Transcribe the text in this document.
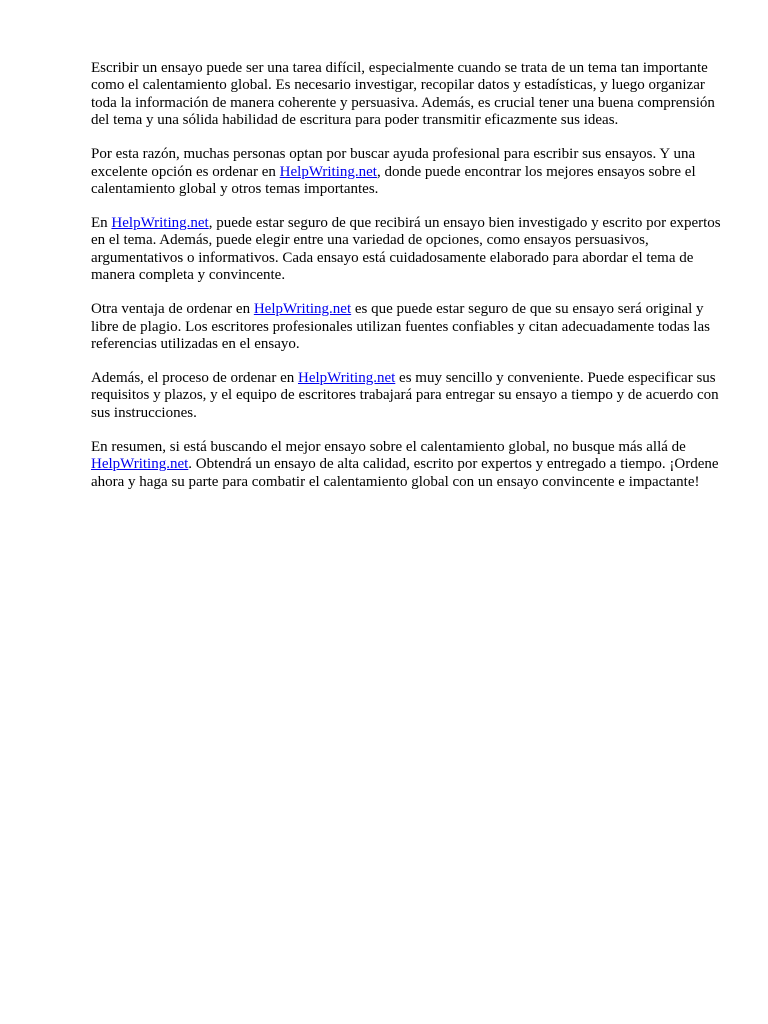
Escribir un ensayo puede ser una tarea difícil, especialmente cuando se trata de un tema tan importante como el calentamiento global. Es necesario investigar, recopilar datos y estadísticas, y luego organizar toda la información de manera coherente y persuasiva. Además, es crucial tener una buena comprensión del tema y una sólida habilidad de escritura para poder transmitir eficazmente sus ideas.

Por esta razón, muchas personas optan por buscar ayuda profesional para escribir sus ensayos. Y una excelente opción es ordenar en HelpWriting.net, donde puede encontrar los mejores ensayos sobre el calentamiento global y otros temas importantes.

En HelpWriting.net, puede estar seguro de que recibirá un ensayo bien investigado y escrito por expertos en el tema. Además, puede elegir entre una variedad de opciones, como ensayos persuasivos, argumentativos o informativos. Cada ensayo está cuidadosamente elaborado para abordar el tema de manera completa y convincente.

Otra ventaja de ordenar en HelpWriting.net es que puede estar seguro de que su ensayo será original y libre de plagio. Los escritores profesionales utilizan fuentes confiables y citan adecuadamente todas las referencias utilizadas en el ensayo.

Además, el proceso de ordenar en HelpWriting.net es muy sencillo y conveniente. Puede especificar sus requisitos y plazos, y el equipo de escritores trabajará para entregar su ensayo a tiempo y de acuerdo con sus instrucciones.

En resumen, si está buscando el mejor ensayo sobre el calentamiento global, no busque más allá de HelpWriting.net. Obtendrá un ensayo de alta calidad, escrito por expertos y entregado a tiempo. ¡Ordene ahora y haga su parte para combatir el calentamiento global con un ensayo convincente e impactante!
